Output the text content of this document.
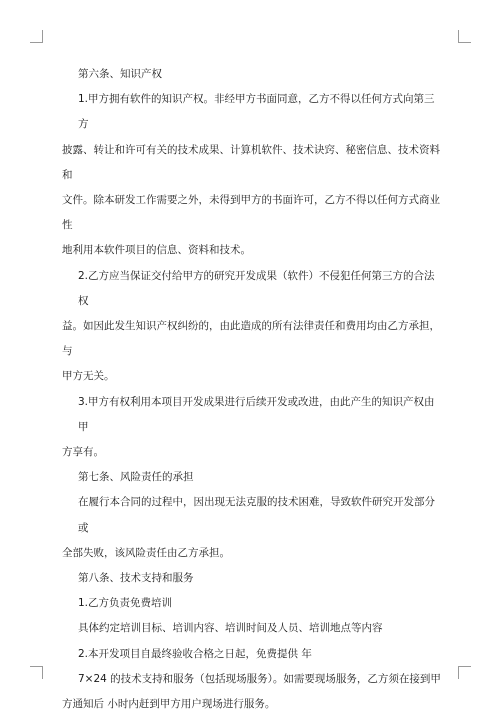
第六条、知识产权
1.甲方拥有软件的知识产权。非经甲方书面同意，乙方不得以任何方式向第三方
披露、转让和许可有关的技术成果、计算机软件、技术诀窍、秘密信息、技术资料和
文件。除本研发工作需要之外，未得到甲方的书面许可，乙方不得以任何方式商业性
地利用本软件项目的信息、资料和技术。
2.乙方应当保证交付给甲方的研究开发成果（软件）不侵犯任何第三方的合法权
益。如因此发生知识产权纠纷的，由此造成的所有法律责任和费用均由乙方承担，与
甲方无关。
3.甲方有权利用本项目开发成果进行后续开发或改进，由此产生的知识产权由甲
方享有。
第七条、风险责任的承担
在履行本合同的过程中，因出现无法克服的技术困难，导致软件研究开发部分或
全部失败，该风险责任由乙方承担。
第八条、技术支持和服务
1.乙方负责免费培训
具体约定培训目标、培训内容、培训时间及人员、培训地点等内容
2.本开发项目自最终验收合格之日起，免费提供 年
7×24 的技术支持和服务（包括现场服务）。如需要现场服务，乙方须在接到甲
方通知后 小时内赶到甲方用户现场进行服务。
